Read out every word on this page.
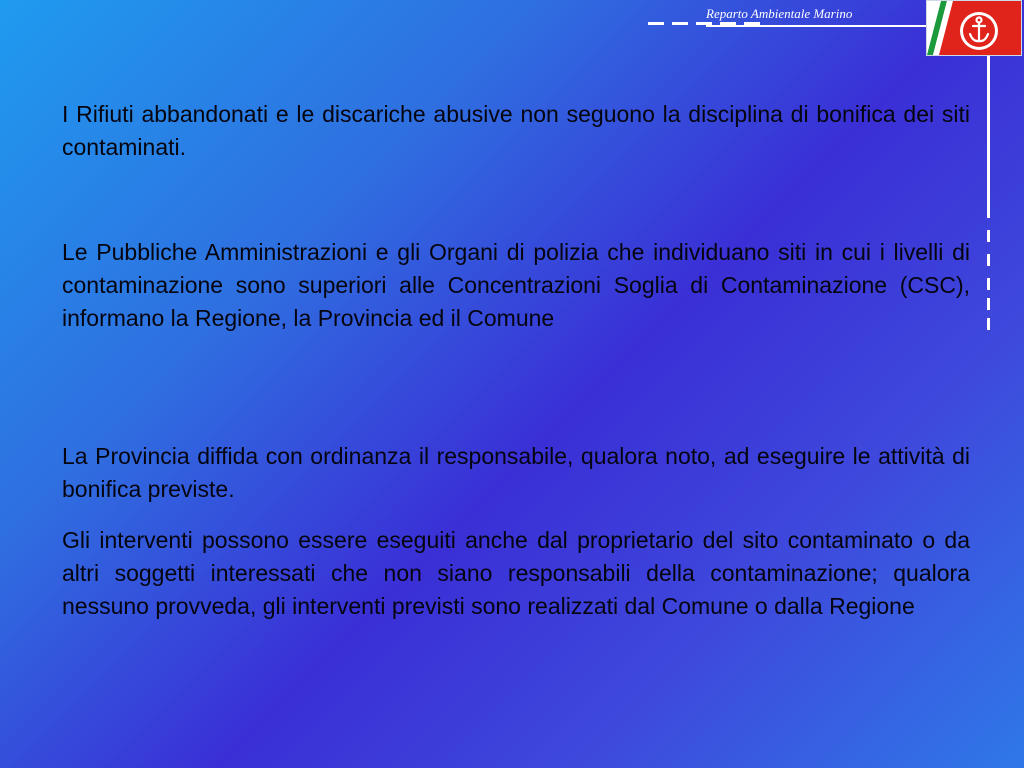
Reparto Ambientale Marino

I Rifiuti abbandonati e le discariche abusive non seguono la disciplina di bonifica dei siti contaminati.

Le Pubbliche Amministrazioni e gli Organi di polizia che individuano siti in cui i livelli di contaminazione sono superiori alle Concentrazioni Soglia di Contaminazione (CSC), informano la Regione, la Provincia ed il Comune

La Provincia diffida con ordinanza il responsabile, qualora noto, ad eseguire le attività di bonifica previste.

Gli interventi possono essere eseguiti anche dal proprietario del sito contaminato o da altri soggetti interessati che non siano responsabili della contaminazione; qualora nessuno provveda, gli interventi previsti sono realizzati dal Comune o dalla Regione
